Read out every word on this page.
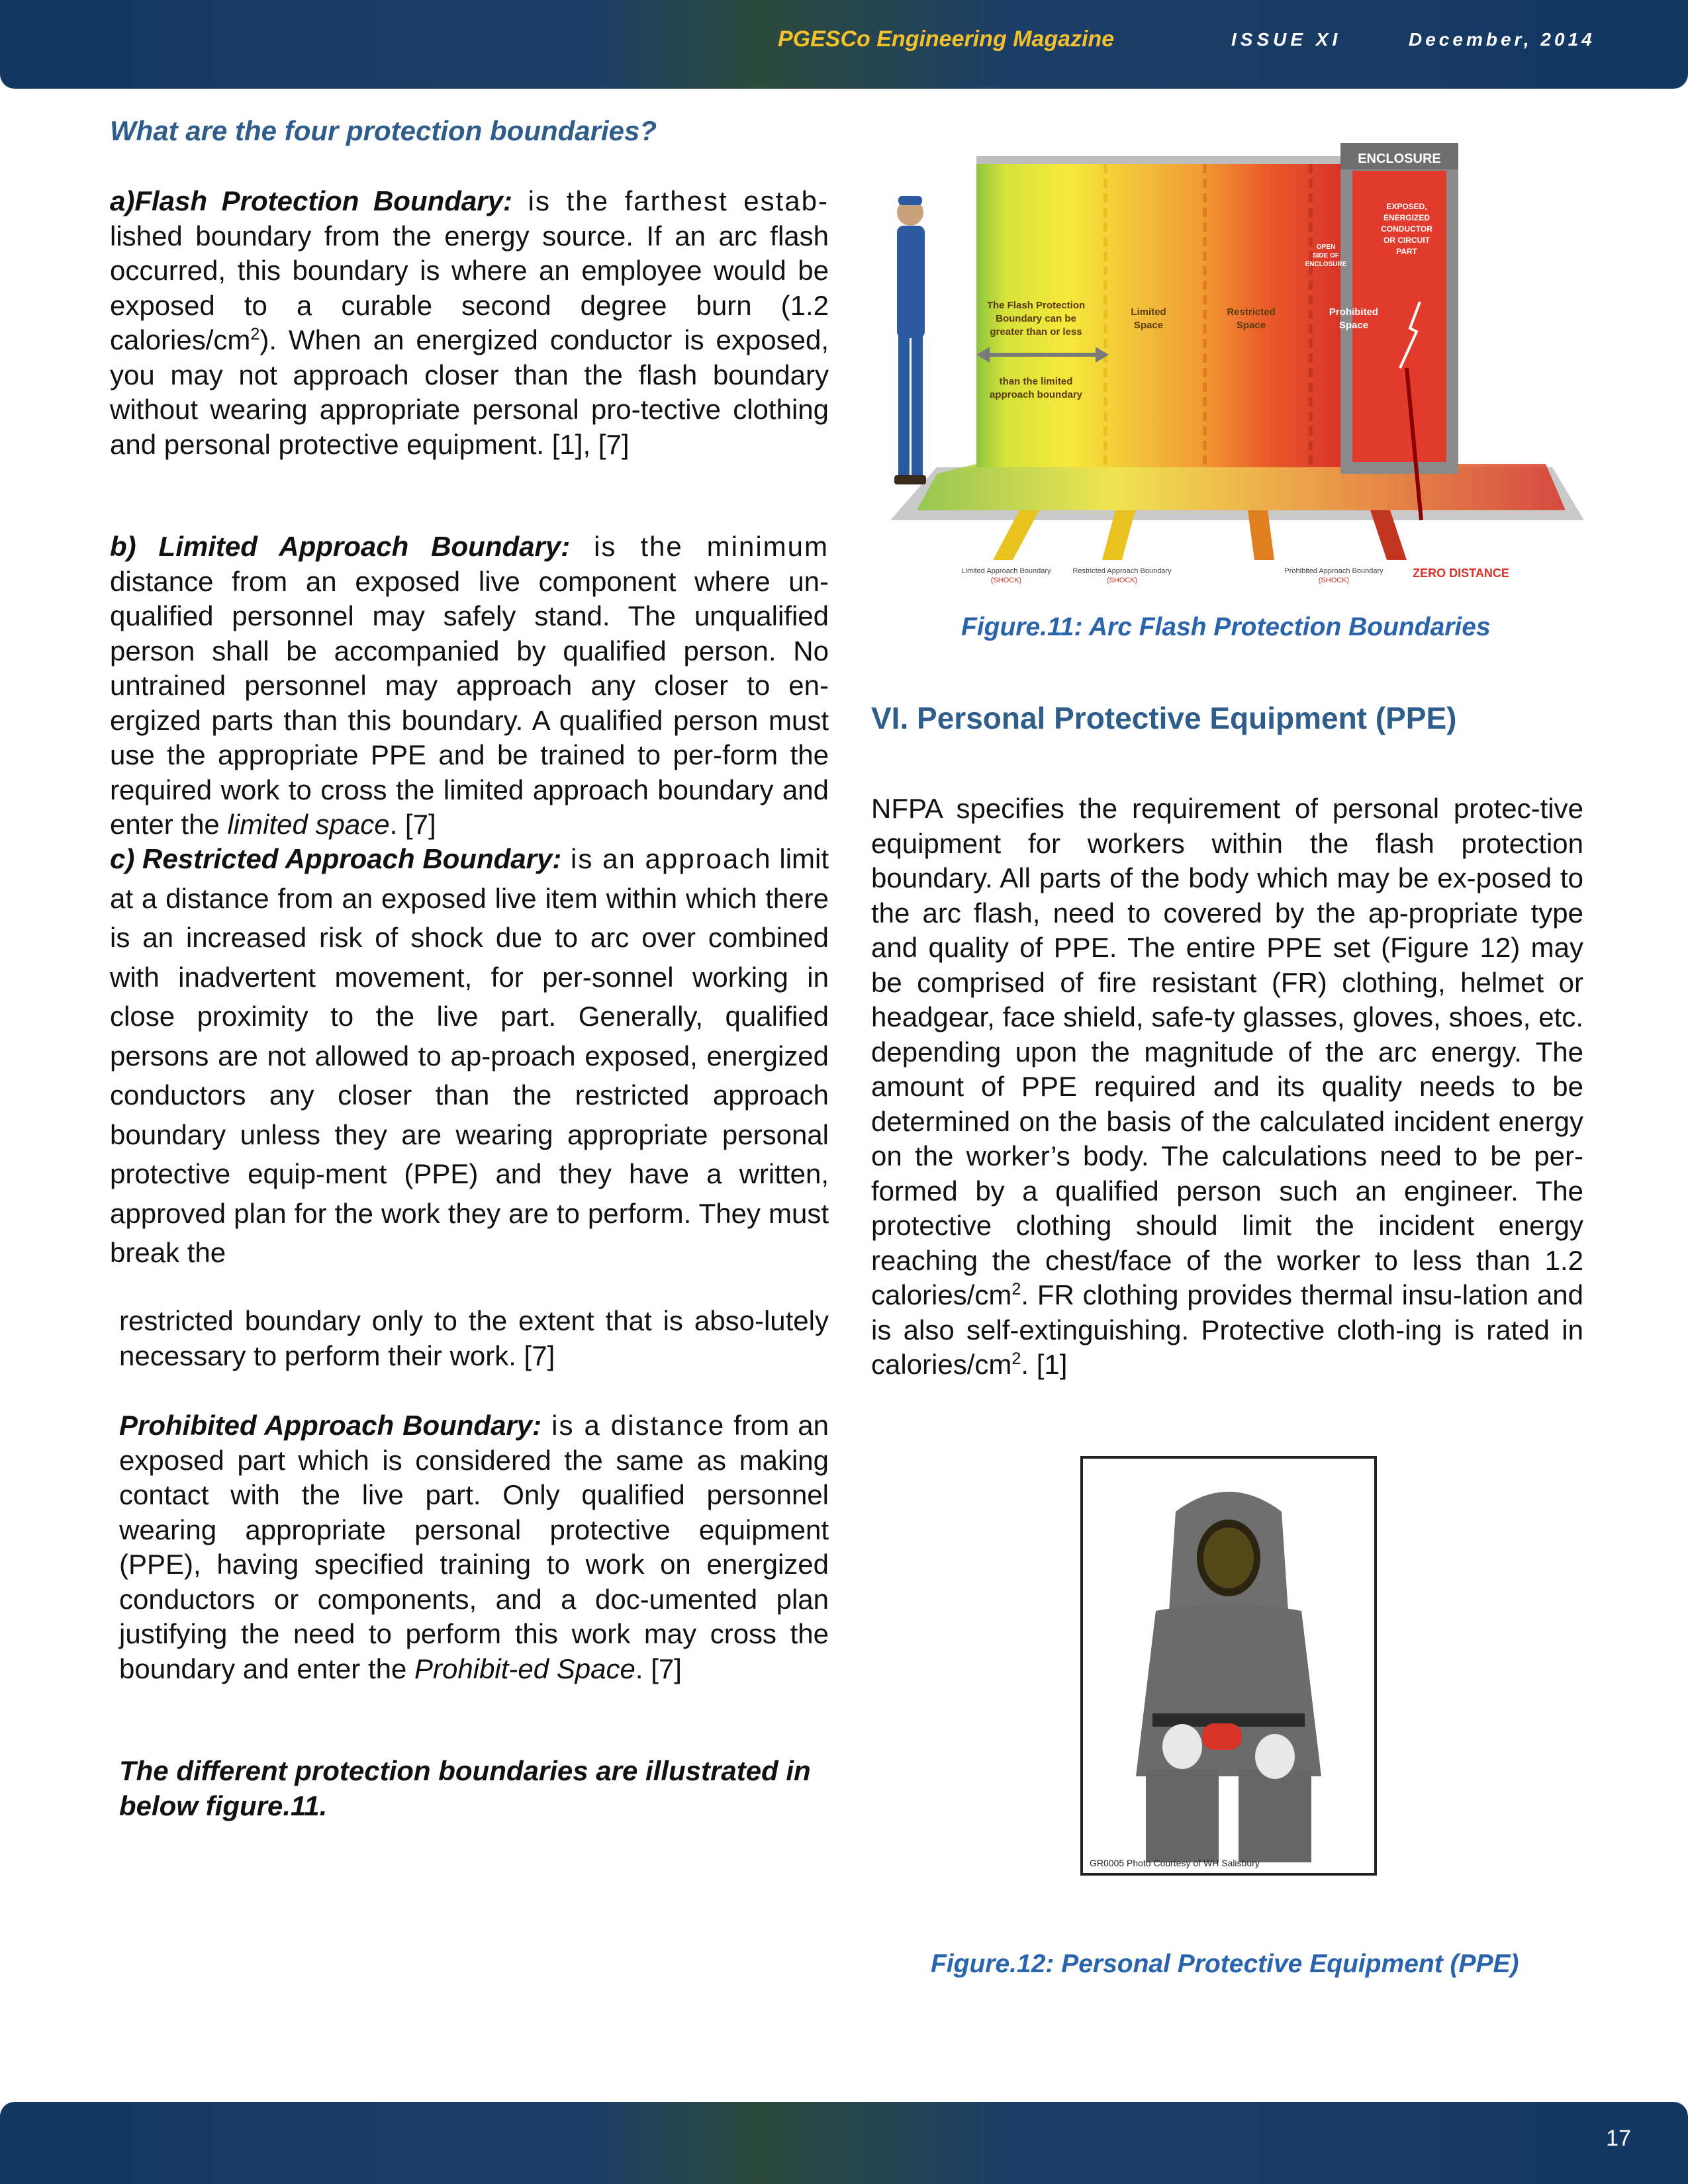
PGESCo Engineering Magazine	ISSUE XI	December, 2014
What are the four protection boundaries?

a)Flash Protection Boundary: is the farthest estab- lished boundary from the energy source. If an arc flash occurred, this boundary is where an employee would be exposed to a curable second degree burn (1.2 calories/$cm^2$). When an energized conductor is exposed, you may not approach closer than the flash boundary without wearing appropriate personal pro-tective clothing and personal protective equipment. [1], [7]

b) Limited Approach Boundary: is the minimum distance from an exposed live component where un-qualified personnel may safely stand. The unqualified person shall be accompanied by qualified person. No untrained personnel may approach any closer to en-ergized parts than this boundary. A qualified person must use the appropriate PPE and be trained to per-form the required work to cross the limited approach boundary and enter the limited space. [7]

c) Restricted Approach Boundary: is an approach limit at a distance from an exposed live item within which there is an increased risk of shock due to arc over combined with inadvertent movement, for per-sonnel working in close proximity to the live part. Generally, qualified persons are not allowed to ap-proach exposed, energized conductors any closer than the restricted approach boundary unless they are wearing appropriate personal protective equip-ment (PPE) and they have a written, approved plan for the work they are to perform. They must break the

restricted boundary only to the extent that is abso-lutely necessary to perform their work. [7]

Prohibited Approach Boundary: is a distance from an exposed part which is considered the same as making contact with the live part. Only qualified personnel wearing appropriate personal protective equipment (PPE), having specified training to work on energized conductors or components, and a doc-umented plan justifying the need to perform this work may cross the boundary and enter the Prohibit-ed Space. [7]

The different protection boundaries are illustrated in below figure.11.
ENCLOSURE
EXPOSED,
ENERGIZED
CONDUCTOR
OR CIRCUIT
PART
OPEN
SIDE OF
ENCLOSURE
The Flash Protection
Boundary can be
greater than or less
than the limited
approach boundary
Limited
Space
Restricted
Space
Prohibited
Space
Limited Approach Boundary
(SHOCK)
Restricted Approach Boundary
(SHOCK)
Prohibited Approach Boundary
(SHOCK)
ZERO DISTANCE
Figure.11: Arc Flash Protection Boundaries
VI. Personal Protective Equipment (PPE)

NFPA specifies the requirement of personal protec-tive equipment for workers within the flash protection boundary. All parts of the body which may be ex-posed to the arc flash, need to covered by the ap-propriate type and quality of PPE. The entire PPE set (Figure 12) may be comprised of fire resistant (FR) clothing, helmet or headgear, face shield, safe-ty glasses, gloves, shoes, etc. depending upon the magnitude of the arc energy. The amount of PPE required and its quality needs to be determined on the basis of the calculated incident energy on the worker’s body. The calculations need to be per-formed by a qualified person such an engineer. The protective clothing should limit the incident energy reaching the chest/face of the worker to less than 1.2 calories/$cm^2$. FR clothing provides thermal insu-lation and is also self-extinguishing. Protective cloth-ing is rated in calories/$cm^2$. [1]

GR0005 Photo Courtesy of WH Salisbury
Figure.12: Personal Protective Equipment (PPE)
17
